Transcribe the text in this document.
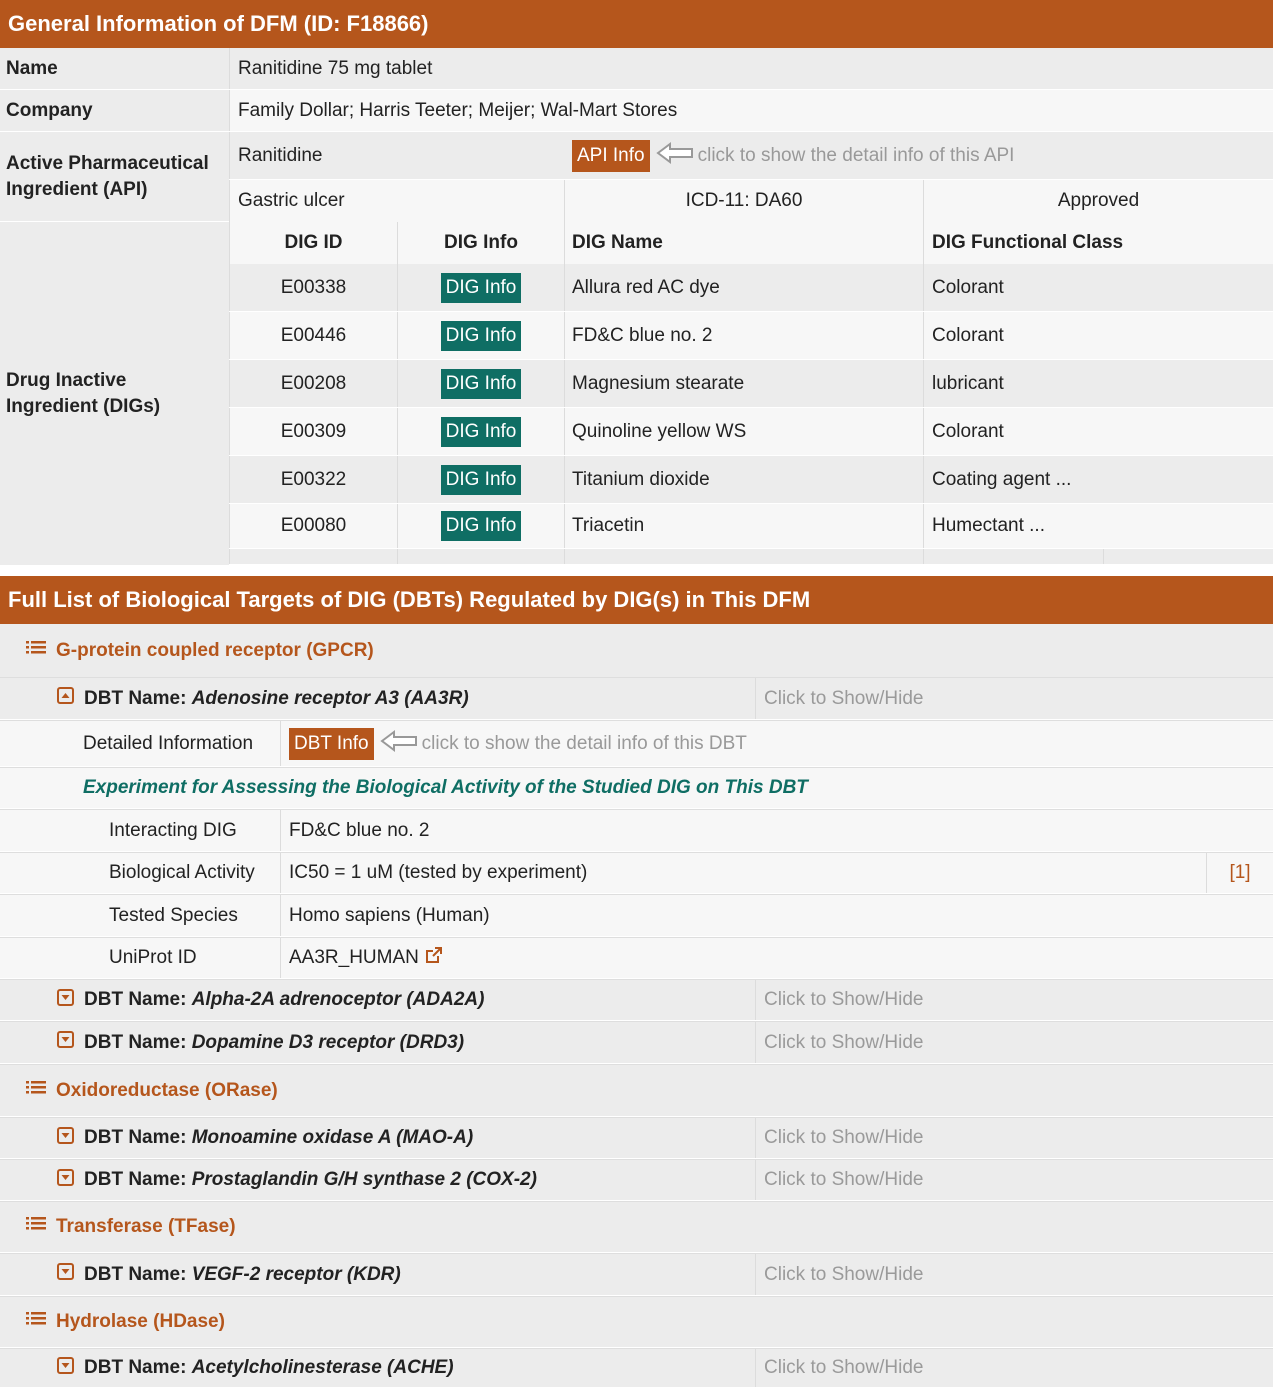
General Information of DFM (ID: F18866)
Name	Ranitidine 75 mg tablet
Company	Family Dollar; Harris Teeter; Meijer; Wal-Mart Stores
Active Pharmaceutical Ingredient (API)
Ranitidine	API Info	click to show the detail info of this API
Gastric ulcer	ICD-11: DA60	Approved
Drug Inactive Ingredient (DIGs)
DIG ID	DIG Info	DIG Name	DIG Functional Class
E00338	DIG Info	Allura red AC dye	Colorant
E00446	DIG Info	FD&C blue no. 2	Colorant
E00208	DIG Info	Magnesium stearate	lubricant
E00309	DIG Info	Quinoline yellow WS	Colorant
E00322	DIG Info	Titanium dioxide	Coating agent ...
E00080	DIG Info	Triacetin	Humectant ...
Full List of Biological Targets of DIG (DBTs) Regulated by DIG(s) in This DFM
G-protein coupled receptor (GPCR)
DBT Name:
Adenosine receptor A3 (AA3R)	Click to Show/Hide
Detailed Information	DBT Info	click to show the detail info of this DBT
Experiment for Assessing the Biological Activity of the Studied DIG on This DBT
Interacting DIG	FD&C blue no. 2
Biological Activity	IC50 = 1 uM (tested by experiment)	[1]
Tested Species	Homo sapiens (Human)
UniProt ID	AA3R_HUMAN
DBT Name:
Alpha-2A adrenoceptor (ADA2A)	Click to Show/Hide
DBT Name:
Dopamine D3 receptor (DRD3)	Click to Show/Hide
Oxidoreductase (ORase)
DBT Name:
Monoamine oxidase A (MAO-A)	Click to Show/Hide
DBT Name:
Prostaglandin G/H synthase 2 (COX-2)	Click to Show/Hide
Transferase (TFase)
DBT Name:
VEGF-2 receptor (KDR)	Click to Show/Hide
Hydrolase (HDase)
DBT Name:
Acetylcholinesterase (ACHE)	Click to Show/Hide
